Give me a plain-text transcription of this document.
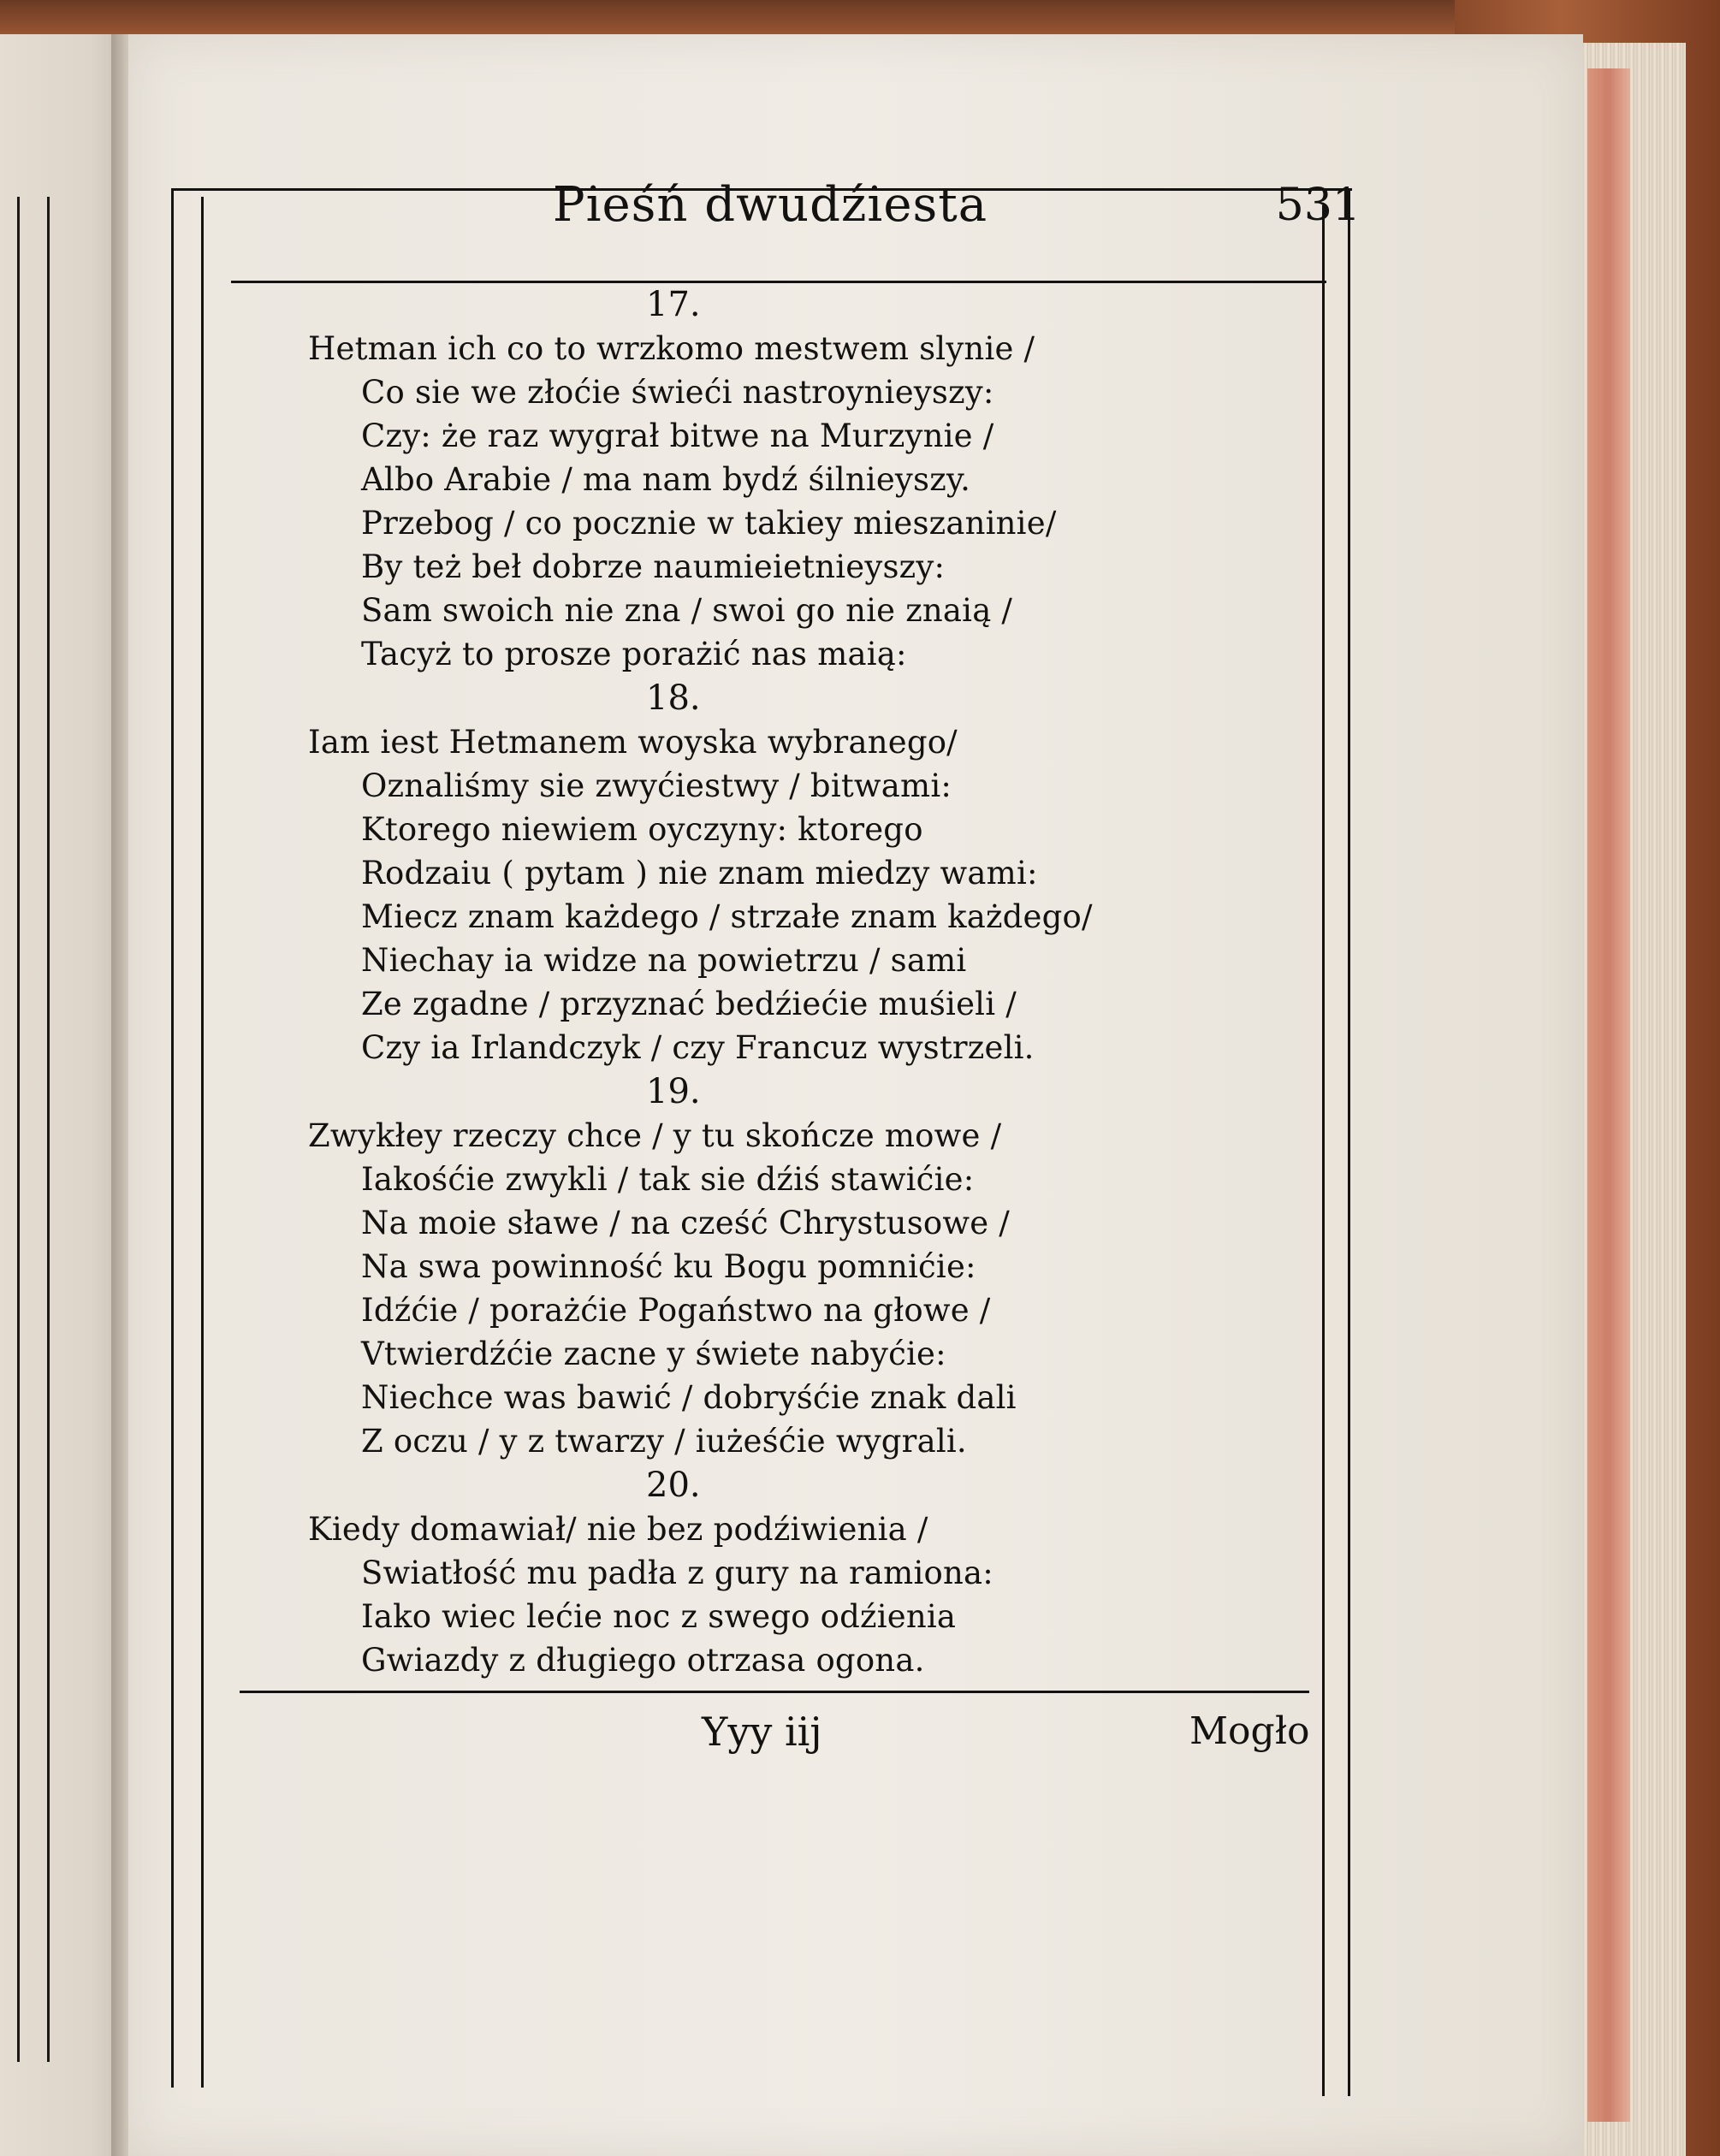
Pieśń dwudźiesta	531
17.
Hetman ich co to wrzkomo mestwem slynie /
Co sie we złoćie świeći nastroynieyszy:
Czy: że raz wygrał bitwe na Murzynie /
Albo Arabie / ma nam bydź śilnieyszy.
Przebog / co pocznie w takiey mieszaninie/
By też beł dobrze naumieietnieyszy:
Sam swoich nie zna / swoi go nie znaią /
Tacyż to prosze porażić nas maią:
18.
Iam iest Hetmanem woyska wybranego/
Oznaliśmy sie zwyćiestwy / bitwami:
Ktorego niewiem oyczyny: ktorego
Rodzaiu ( pytam ) nie znam miedzy wami:
Miecz znam każdego / strzałe znam każdego/
Niechay ia widze na powietrzu / sami
Ze zgadne / przyznać bedźiećie muśieli /
Czy ia Irlandczyk / czy Francuz wystrzeli.
19.
Zwykłey rzeczy chce / y tu skończe mowe /
Iakośćie zwykli / tak sie dźiś stawićie:
Na moie sławe / na cześć Chrystusowe /
Na swa powinność ku Bogu pomnićie:
Idźćie / porażćie Pogaństwo na głowe /
Vtwierdźćie zacne y świete nabyćie:
Niechce was bawić / dobryśćie znak dali
Z oczu / y z twarzy / iużeśćie wygrali.
20.
Kiedy domawiał/ nie bez podźiwienia /
Swiatłość mu padła z gury na ramiona:
Iako wiec lećie noc z swego odźienia
Gwiazdy z długiego otrzasa ogona.
Yyy iij	Mogło
